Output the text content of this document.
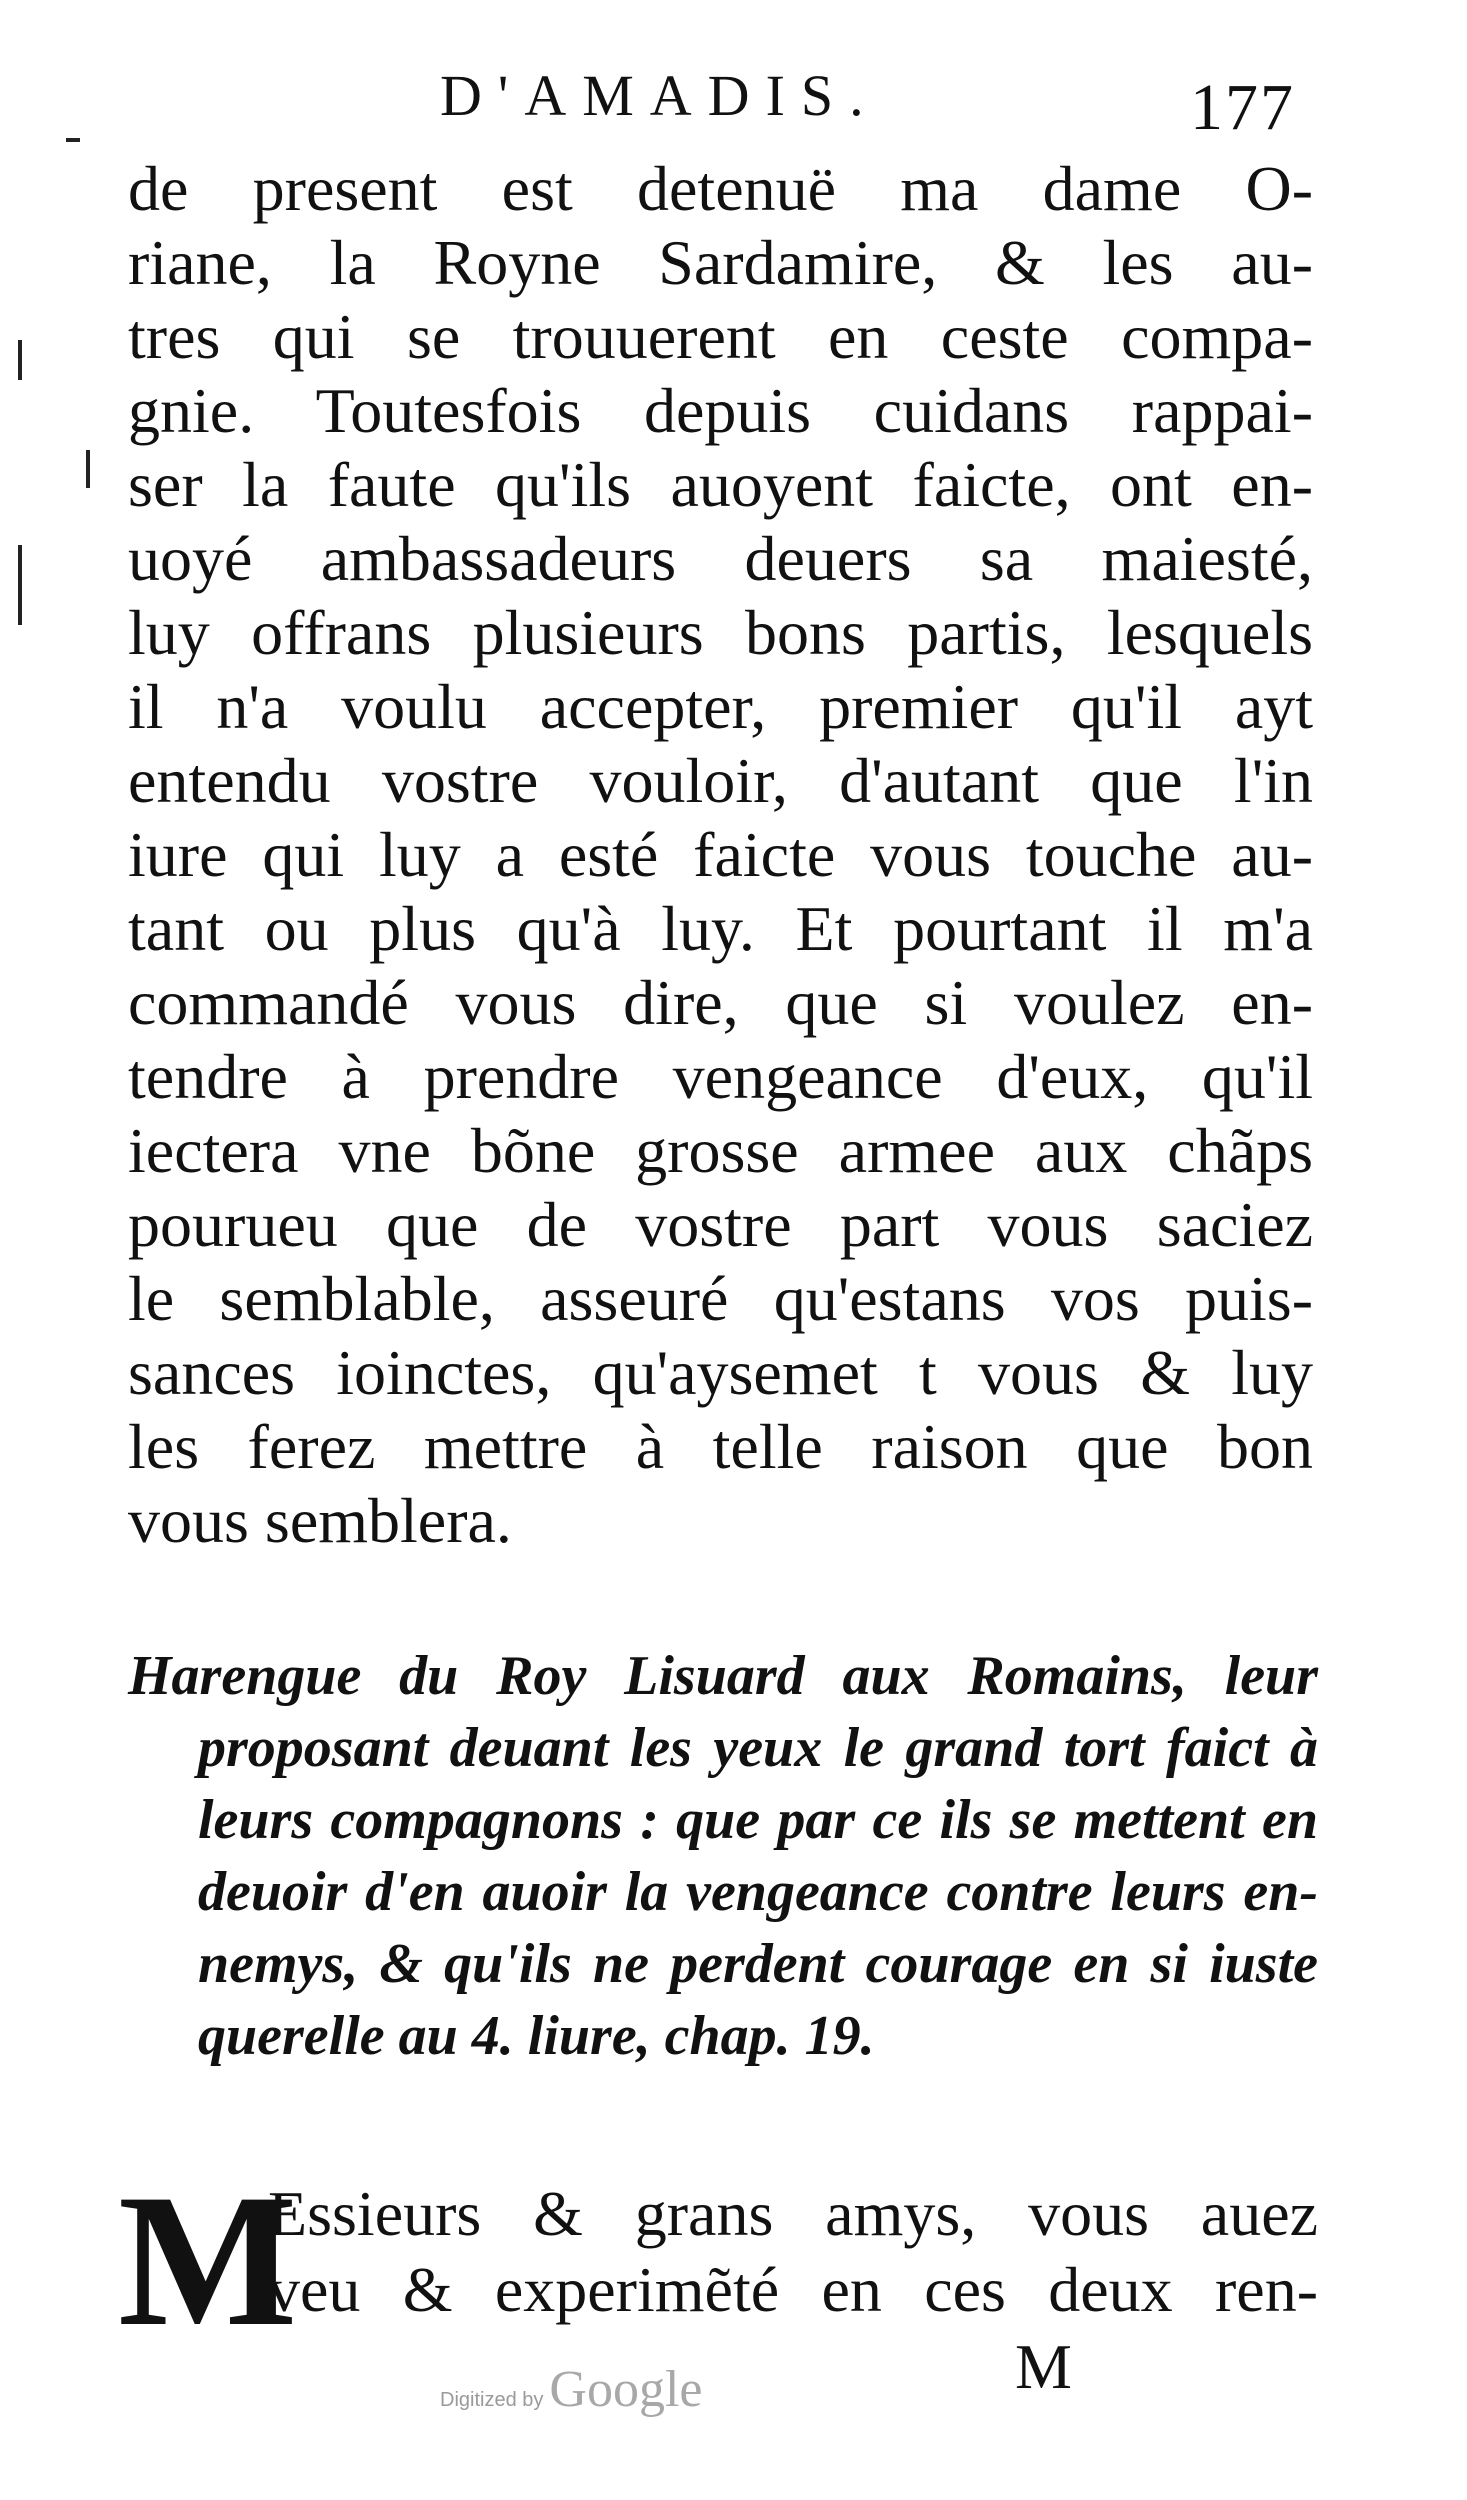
D'AMADIS.	177
de present est detenuë ma dame O-
riane, la Royne Sardamire, & les au-
tres qui se trouuerent en ceste compa-
gnie. Toutesfois depuis cuidans rappai-
ser la faute qu'ils auoyent faicte, ont en-
uoyé ambassadeurs deuers sa maiesté,
luy offrans plusieurs bons partis, lesquels
il n'a voulu accepter, premier qu'il ayt
entendu vostre vouloir, d'autant que l'in
iure qui luy a esté faicte vous touche au-
tant ou plus qu'à luy. Et pourtant il m'a
commandé vous dire, que si voulez en-
tendre à prendre vengeance d'eux, qu'il
iectera vne bõne grosse armee aux chãps
pourueu que de vostre part vous saciez
le semblable, asseuré qu'estans vos puis-
sances ioinctes, qu'aysemet t vous & luy
les ferez mettre à telle raison que bon
vous semblera.
Harengue du Roy Lisuard aux Romains, leur
proposant deuant les yeux le grand tort faict à
leurs compagnons : que par ce ils se mettent en
deuoir d'en auoir la vengeance contre leurs en-
nemys, & qu'ils ne perdent courage en si iuste
querelle au 4. liure, chap. 19.
M
Essieurs & grans amys, vous auez
veu & experimẽté en ces deux ren-
M
Digitized by Google
